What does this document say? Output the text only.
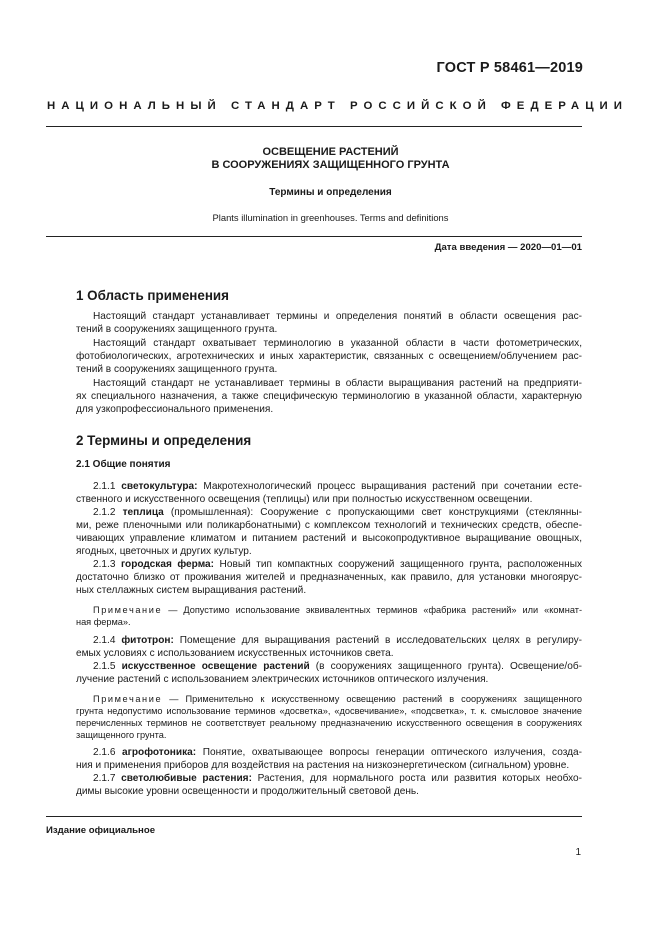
ГОСТ Р 58461—2019
НАЦИОНАЛЬНЫЙ СТАНДАРТ РОССИЙСКОЙ ФЕДЕРАЦИИ
ОСВЕЩЕНИЕ РАСТЕНИЙ
В СООРУЖЕНИЯХ ЗАЩИЩЕННОГО ГРУНТА
Термины и определения
Plants illumination in greenhouses. Terms and definitions
Дата введения — 2020—01—01
1 Область применения
Настоящий стандарт устанавливает термины и определения понятий в области освещения рас-
тений в сооружениях защищенного грунта.
Настоящий стандарт охватывает терминологию в указанной области в части фотометрических,
фотобиологических, агротехнических и иных характеристик, связанных с освещением/облучением рас-
тений в сооружениях защищенного грунта.
Настоящий стандарт не устанавливает термины в области выращивания растений на предприяти-
ях специального назначения, а также специфическую терминологию в указанной области, характерную
для узкопрофессионального применения.
2 Термины и определения
2.1 Общие понятия
2.1.1 светокультура: Макротехнологический процесс выращивания растений при сочетании есте-
ственного и искусственного освещения (теплицы) или при полностью искусственном освещении.
2.1.2 теплица (промышленная): Сооружение с пропускающими свет конструкциями (стеклянны-
ми, реже пленочными или поликарбонатными) с комплексом технологий и технических средств, обеспе-
чивающих управление климатом и питанием растений и высокопродуктивное выращивание овощных,
ягодных, цветочных и других культур.
2.1.3 городская ферма: Новый тип компактных сооружений защищенного грунта, расположенных
достаточно близко от проживания жителей и предназначенных, как правило, для установки многоярус-
ных стеллажных систем выращивания растений.
Примечание — Допустимо использование эквивалентных терминов «фабрика растений» или «комнат-
ная ферма».
2.1.4 фитотрон: Помещение для выращивания растений в исследовательских целях в регулиру-
емых условиях с использованием искусственных источников света.
2.1.5 искусственное освещение растений (в сооружениях защищенного грунта). Освещение/об-
лучение растений с использованием электрических источников оптического излучения.
Примечание — Применительно к искусственному освещению растений в сооружениях защищенного
грунта недопустимо использование терминов «досветка», «досвечивание», «подсветка», т. к. смысловое значение
перечисленных терминов не соответствует реальному предназначению искусственного освещения в сооружениях
защищенного грунта.
2.1.6 агрофотоника: Понятие, охватывающее вопросы генерации оптического излучения, созда-
ния и применения приборов для воздействия на растения на низкоэнергетическом (сигнальном) уровне.
2.1.7 светолюбивые растения: Растения, для нормального роста или развития которых необхо-
димы высокие уровни освещенности и продолжительный световой день.
Издание официальное
1
